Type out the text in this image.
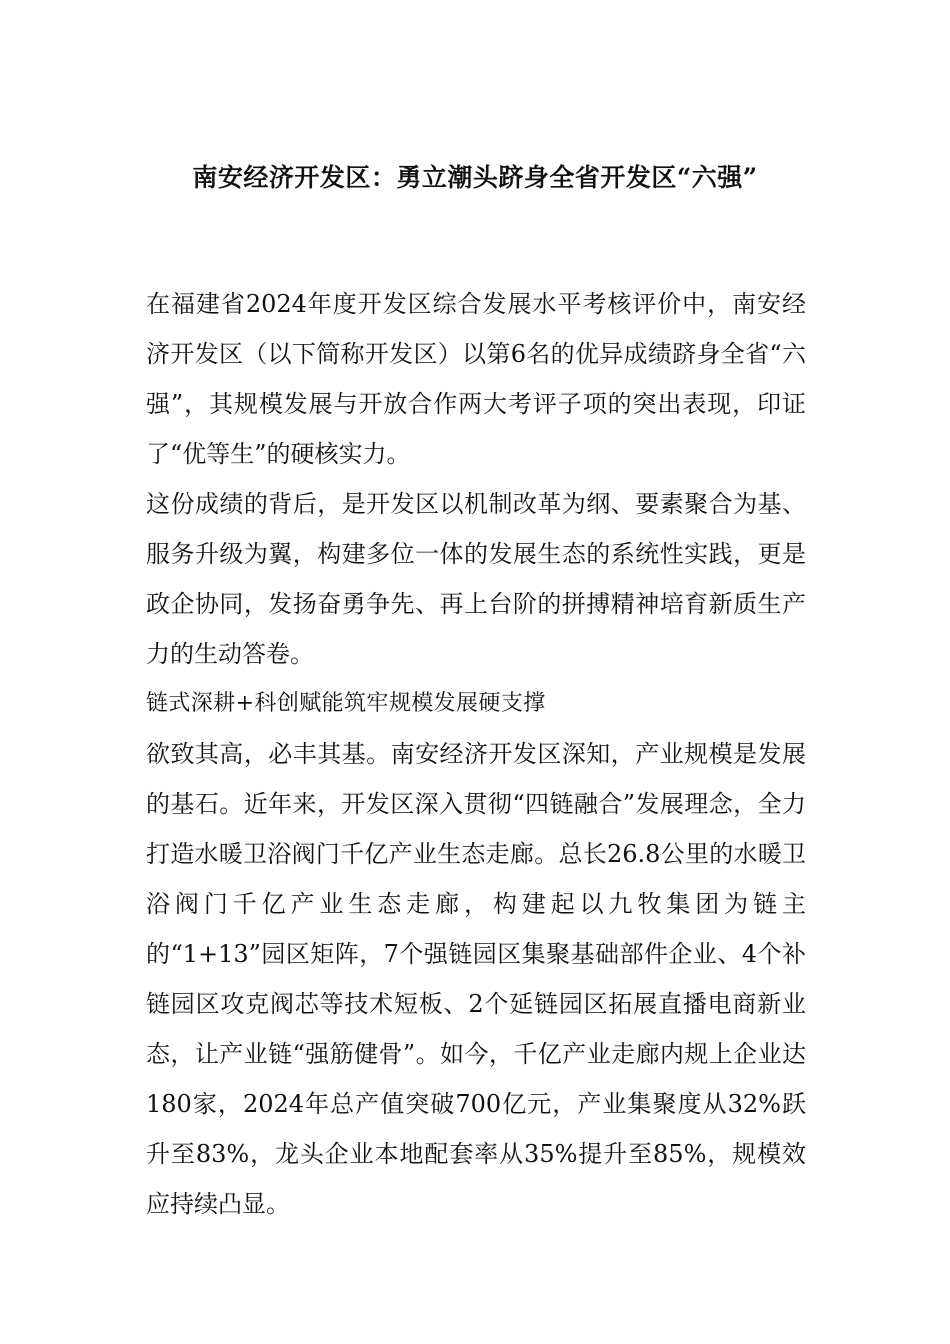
南安经济开发区：勇立潮头跻身全省开发区“六强”

在福建省2024年度开发区综合发展水平考核评价中，南安经济开发区（以下简称开发区）以第6名的优异成绩跻身全省“六强”，其规模发展与开放合作两大考评子项的突出表现，印证了“优等生”的硬核实力。

这份成绩的背后，是开发区以机制改革为纲、要素聚合为基、服务升级为翼，构建多位一体的发展生态的系统性实践，更是政企协同，发扬奋勇争先、再上台阶的拼搏精神培育新质生产力的生动答卷。

链式深耕+科创赋能筑牢规模发展硬支撑

欲致其高，必丰其基。南安经济开发区深知，产业规模是发展的基石。近年来，开发区深入贯彻“四链融合”发展理念，全力打造水暖卫浴阀门千亿产业生态走廊。总长26.8公里的水暖卫浴阀门千亿产业生态走廊，构建起以九牧集团为链主的“1+13”园区矩阵，7个强链园区集聚基础部件企业、4个补链园区攻克阀芯等技术短板、2个延链园区拓展直播电商新业态，让产业链“强筋健骨”。如今，千亿产业走廊内规上企业达180家，2024年总产值突破700亿元，产业集聚度从32%跃升至83%，龙头企业本地配套率从35%提升至85%，规模效应持续凸显。
